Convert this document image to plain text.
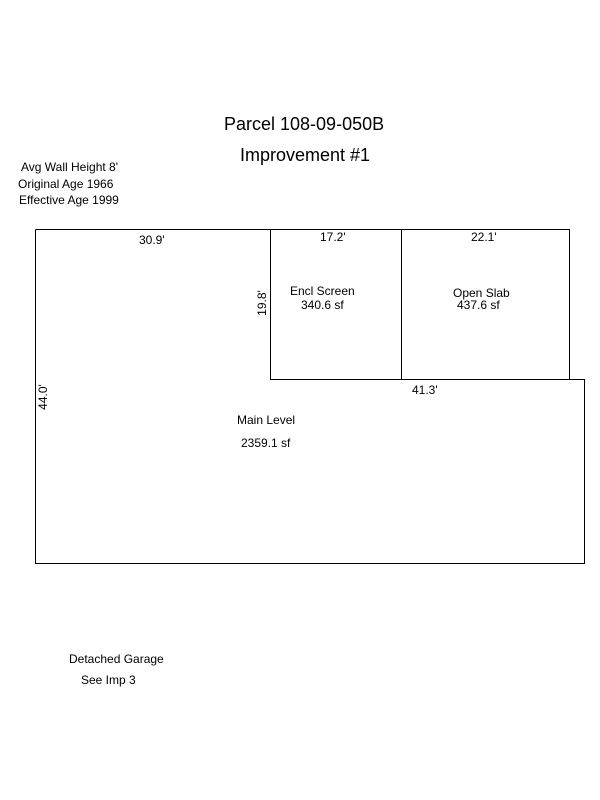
Parcel 108-09-050B
Improvement #1
Avg Wall Height 8'
Original Age 1966
Effective Age 1999
30.9'	17.2'	22.1'
19.8'
44.0'	41.3'
Encl Screen
340.6 sf
Open Slab
437.6 sf
Main Level
2359.1 sf
Detached Garage
See Imp 3
